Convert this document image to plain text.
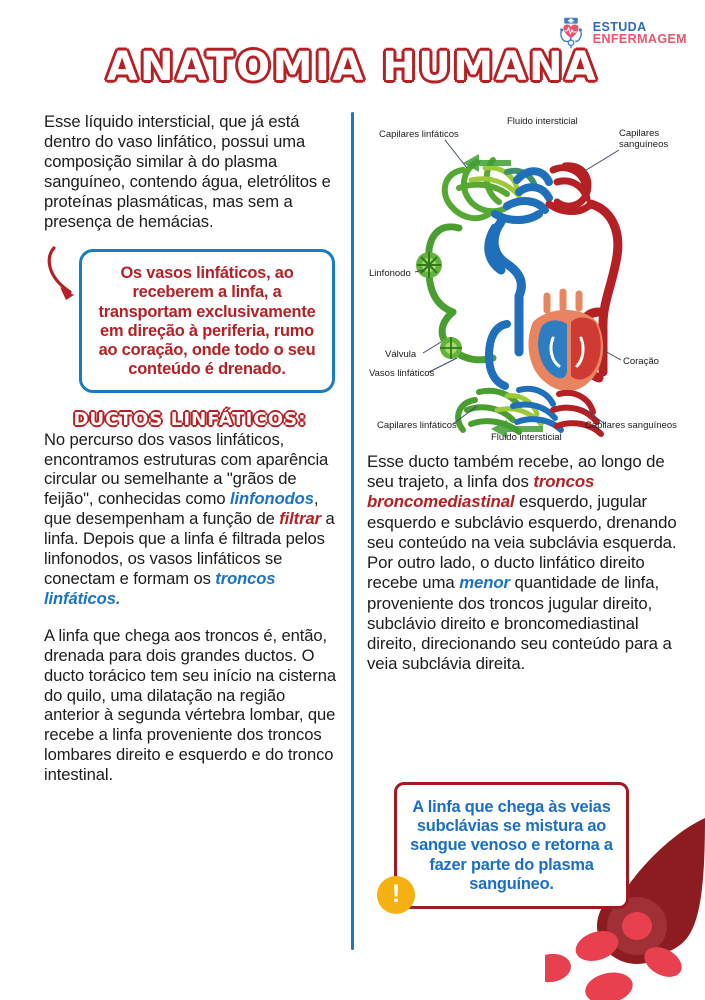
ESTUDA
ENFERMAGEM
ANATOMIA HUMANA

Esse líquido intersticial, que já está dentro do vaso linfático, possui uma composição similar à do plasma sanguíneo, contendo água, eletrólitos e proteínas plasmáticas, mas sem a presença de hemácias.

Os vasos linfáticos, ao receberem a linfa, a transportam exclusivamente em direção à periferia, rumo ao coração, onde todo o seu conteúdo é drenado.
DUCTOS LINFÁTICOS:

No percurso dos vasos linfáticos, encontramos estruturas com aparência circular ou semelhante a "grãos de feijão", conhecidas como linfonodos, que desempenham a função de filtrar a linfa. Depois que a linfa é filtrada pelos linfonodos, os vasos linfáticos se conectam e formam os troncos linfáticos.

A linfa que chega aos troncos é, então, drenada para dois grandes ductos. O ducto torácico tem seu início na cisterna do quilo, uma dilatação na região anterior à segunda vértebra lombar, que recebe a linfa proveniente dos troncos lombares direito e esquerdo e do tronco intestinal.

Capilares linfáticos
Fluido intersticial
Capilares
sanguíneos
Linfonodo
Coração
Válvula
Vasos linfáticos
Capilares linfáticos	Capilares sanguíneos
Fluido intersticial

Esse ducto também recebe, ao longo de seu trajeto, a linfa dos troncos broncomediastinal esquerdo, jugular esquerdo e subclávio esquerdo, drenando seu conteúdo na veia subclávia esquerda. Por outro lado, o ducto linfático direito recebe uma menor quantidade de linfa, proveniente dos troncos jugular direito, subclávio direito e broncomediastinal direito, direcionando seu conteúdo para a veia subclávia direita.

!
A linfa que chega às veias subclávias se mistura ao sangue venoso e retorna a fazer parte do plasma sanguíneo.
